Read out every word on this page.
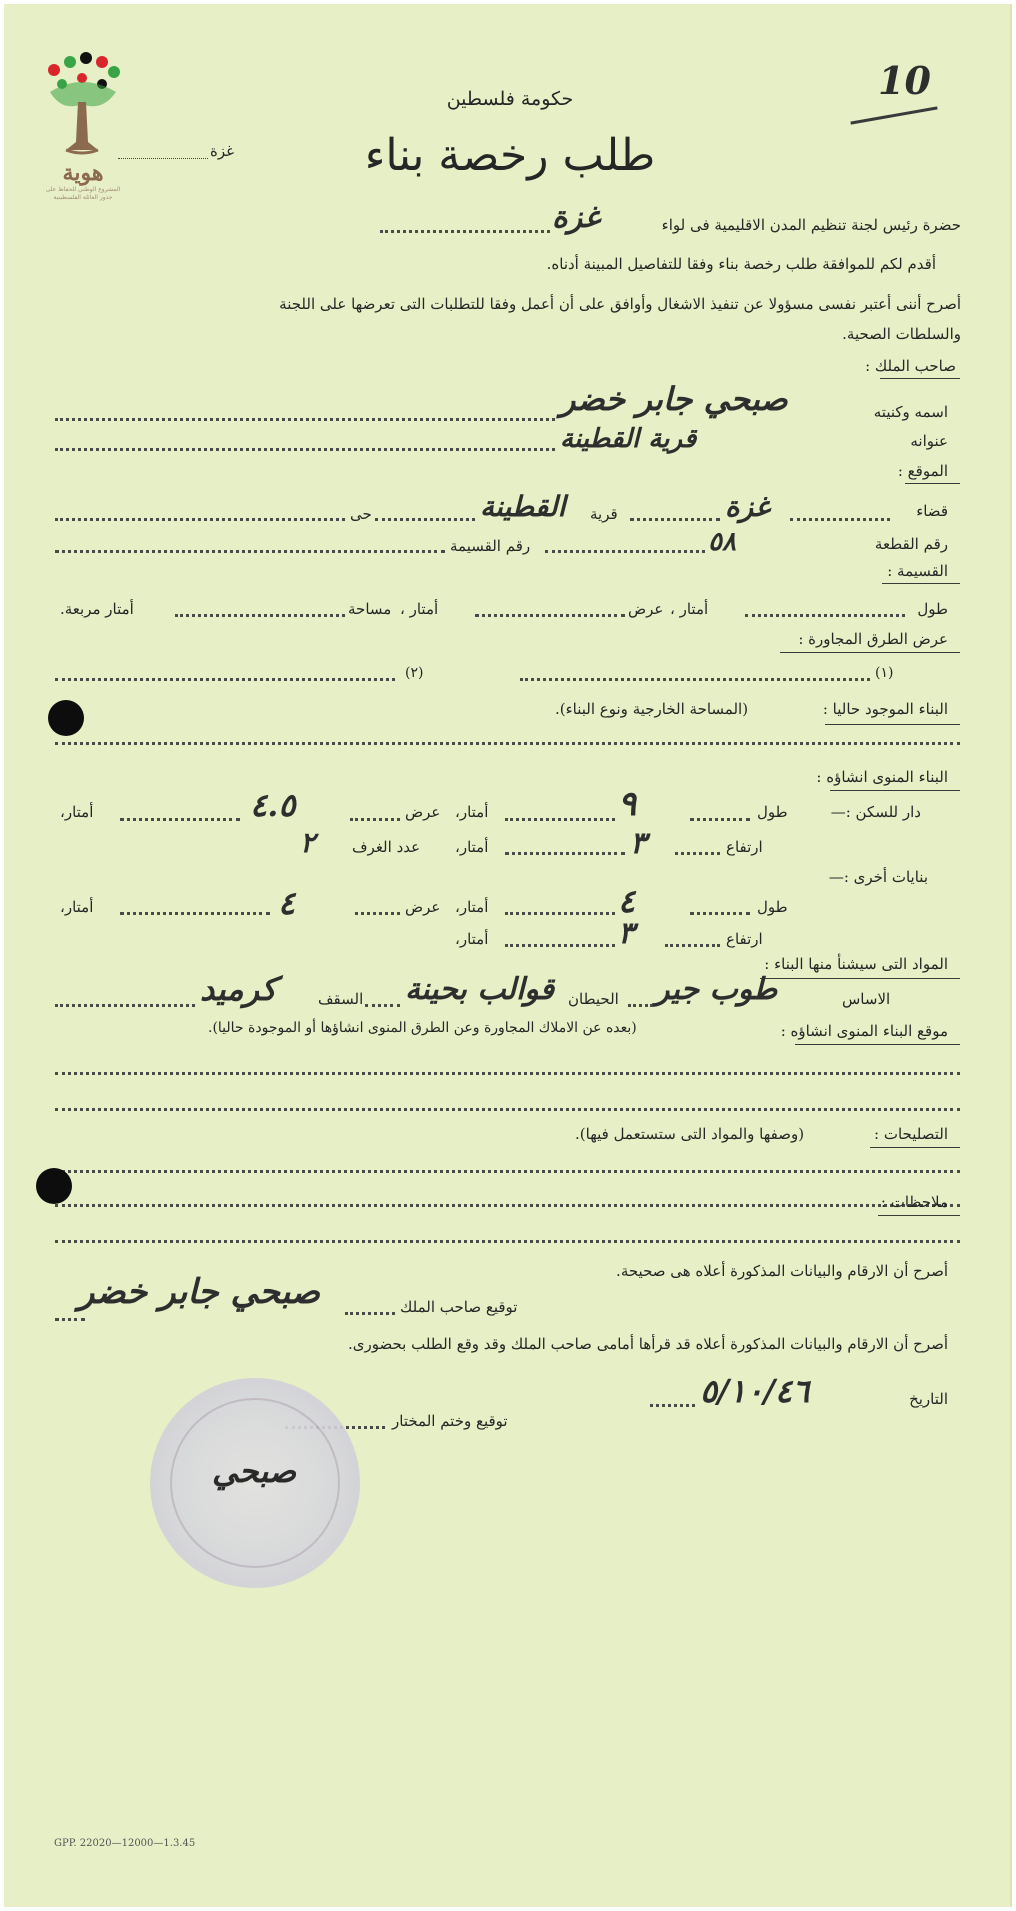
هوية
المشروع الوطني للحفاظ على
جذور العائلة الفلسطينية
10
حكومة فلسطين
طلب رخصة بناء
غزة
حضرة رئيس لجنة تنظيم المدن الاقليمية فى لواء
غزة
أقدم لكم للموافقة طلب رخصة بناء وفقا للتفاصيل المبينة أدناه.
أصرح أننى أعتبر نفسى مسؤولا عن تنفيذ الاشغال وأوافق على أن أعمل وفقا للتطلبات التى تعرضها على اللجنة
والسلطات الصحية.
صاحب الملك :
اسمه وكنيته
صبحي جابر خضر
عنوانه
قرية القطينة
الموقع :
قضاء
غزة
قرية
القطينة
حى
رقم القطعة
٥٨
رقم القسيمة
القسيمة :
طول
أمتار ،
عرض
أمتار ،
مساحة
أمتار مربعة.
عرض الطرق المجاورة :
(١)
(٢)
البناء الموجود حاليا :
(المساحة الخارجية ونوع البناء).
البناء المنوى انشاؤه :
دار للسكن :—
طول
٩
أمتار،
عرض
٤.٥
أمتار،
ارتفاع
٣
أمتار،
عدد الغرف
٢
بنايات أخرى :—
طول
٤
أمتار،
عرض
٤
أمتار،
ارتفاع
٣
أمتار،
المواد التى سيشنأ منها البناء :
الاساس
طوب جير
الحيطان
قوالب بحينة
السقف
كرميد
موقع البناء المنوى انشاؤه :
(بعده عن الاملاك المجاورة وعن الطرق المنوى انشاؤها أو الموجودة حاليا).
التصليحات :
(وصفها والمواد التى ستستعمل فيها).
ملاحظات :
أصرح أن الارقام والبيانات المذكورة أعلاه هى صحيحة.
توقيع صاحب الملك
صبحي جابر خضر
أصرح أن الارقام والبيانات المذكورة أعلاه قد قرأها أمامى صاحب الملك وقد وقع الطلب بحضورى.
التاريخ
٥/١٠/٤٦
توقيع وختم المختار
صبحي
GPP. 22020—12000—1.3.45
